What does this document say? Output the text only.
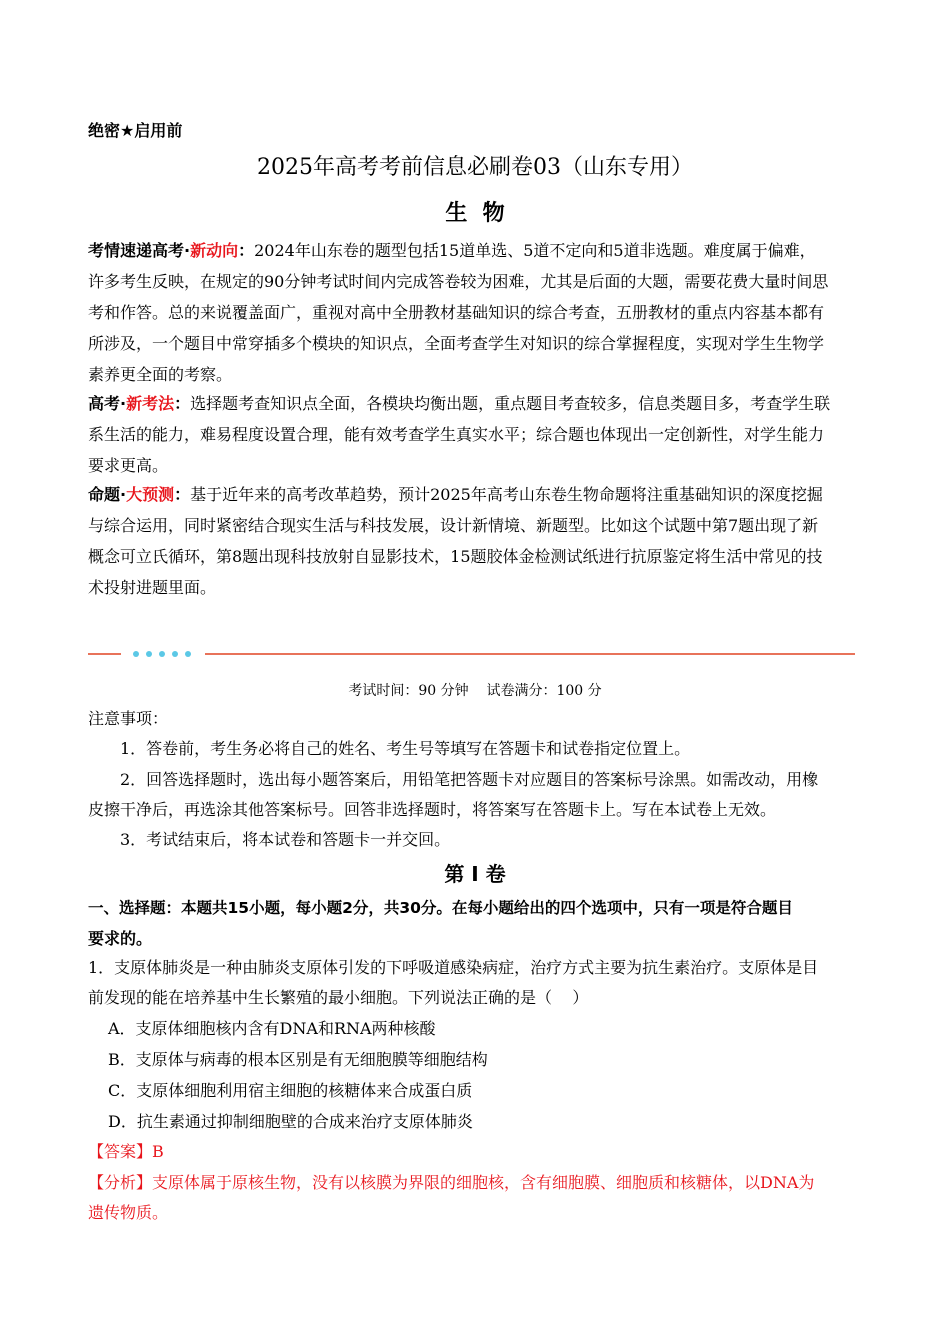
绝密★启用前
2025年高考考前信息必刷卷03（山东专用）
生  物
考情速递高考·新动向：2024年山东卷的题型包括15道单选、5道不定向和5道非选题。难度属于偏难，
许多考生反映，在规定的90分钟考试时间内完成答卷较为困难，尤其是后面的大题，需要花费大量时间思
考和作答。总的来说覆盖面广，重视对高中全册教材基础知识的综合考查，五册教材的重点内容基本都有
所涉及，一个题目中常穿插多个模块的知识点，全面考查学生对知识的综合掌握程度，实现对学生生物学
素养更全面的考察。
高考·新考法：选择题考查知识点全面，各模块均衡出题，重点题目考查较多，信息类题目多，考查学生联
系生活的能力，难易程度设置合理，能有效考查学生真实水平；综合题也体现出一定创新性，对学生能力
要求更高。
命题·大预测：基于近年来的高考改革趋势，预计2025年高考山东卷生物命题将注重基础知识的深度挖掘
与综合运用，同时紧密结合现实生活与科技发展，设计新情境、新题型。比如这个试题中第7题出现了新
概念可立氏循环，第8题出现科技放射自显影技术，15题胶体金检测试纸进行抗原鉴定将生活中常见的技
术投射进题里面。
考试时间：90 分钟    试卷满分：100 分
注意事项：
1．答卷前，考生务必将自己的姓名、考生号等填写在答题卡和试卷指定位置上。
2．回答选择题时，选出每小题答案后，用铅笔把答题卡对应题目的答案标号涂黑。如需改动，用橡
皮擦干净后，再选涂其他答案标号。回答非选择题时，将答案写在答题卡上。写在本试卷上无效。
3．考试结束后，将本试卷和答题卡一并交回。
第 I 卷
一、选择题：本题共15小题，每小题2分，共30分。在每小题给出的四个选项中，只有一项是符合题目
要求的。
1．支原体肺炎是一种由肺炎支原体引发的下呼吸道感染病症，治疗方式主要为抗生素治疗。支原体是目
前发现的能在培养基中生长繁殖的最小细胞。下列说法正确的是（    ）
A．支原体细胞核内含有DNA和RNA两种核酸
B．支原体与病毒的根本区别是有无细胞膜等细胞结构
C．支原体细胞利用宿主细胞的核糖体来合成蛋白质
D．抗生素通过抑制细胞壁的合成来治疗支原体肺炎
【答案】B
【分析】支原体属于原核生物，没有以核膜为界限的细胞核，含有细胞膜、细胞质和核糖体，以DNA为
遗传物质。
